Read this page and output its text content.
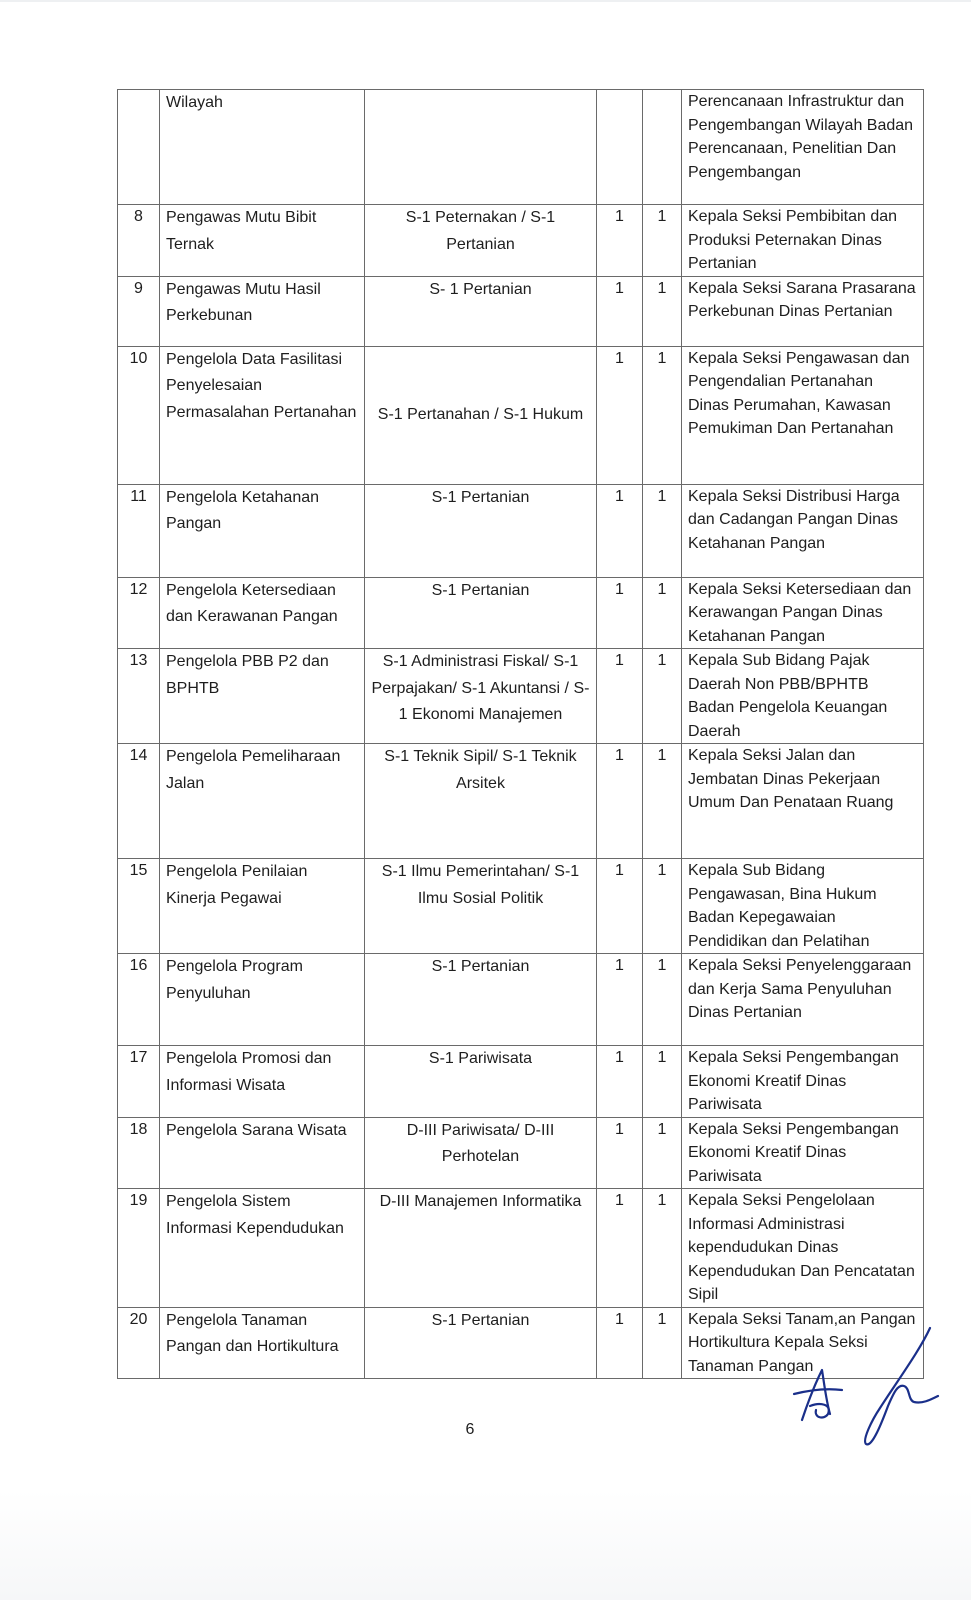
	Wilayah				Perencanaan Infrastruktur dan Pengembangan Wilayah Badan Perencanaan, Penelitian Dan Pengembangan
8	Pengawas Mutu Bibit Ternak	S-1 Peternakan / S-1 Pertanian	1	1	Kepala Seksi Pembibitan dan Produksi Peternakan Dinas Pertanian
9	Pengawas Mutu Hasil Perkebunan	S- 1 Pertanian	1	1	Kepala Seksi Sarana Prasarana Perkebunan Dinas Pertanian
10	Pengelola Data Fasilitasi Penyelesaian Permasalahan Pertanahan	S-1 Pertanahan / S-1 Hukum	1	1	Kepala Seksi Pengawasan dan Pengendalian Pertanahan Dinas Perumahan, Kawasan Pemukiman Dan Pertanahan
11	Pengelola Ketahanan Pangan	S-1 Pertanian	1	1	Kepala Seksi Distribusi Harga dan Cadangan Pangan Dinas Ketahanan Pangan
12	Pengelola Ketersediaan dan Kerawanan Pangan	S-1 Pertanian	1	1	Kepala Seksi Ketersediaan dan Kerawangan Pangan Dinas Ketahanan Pangan
13	Pengelola PBB P2 dan BPHTB	S-1 Administrasi Fiskal/ S-1 Perpajakan/ S-1 Akuntansi / S-1 Ekonomi Manajemen	1	1	Kepala Sub Bidang Pajak Daerah Non PBB/BPHTB Badan Pengelola Keuangan Daerah
14	Pengelola Pemeliharaan Jalan	S-1 Teknik Sipil/ S-1 Teknik Arsitek	1	1	Kepala Seksi Jalan dan Jembatan Dinas Pekerjaan Umum Dan Penataan Ruang
15	Pengelola Penilaian Kinerja Pegawai	S-1 Ilmu Pemerintahan/ S-1 Ilmu Sosial Politik	1	1	Kepala Sub Bidang Pengawasan, Bina Hukum Badan Kepegawaian Pendidikan dan Pelatihan
16	Pengelola Program Penyuluhan	S-1 Pertanian	1	1	Kepala Seksi Penyelenggaraan dan Kerja Sama Penyuluhan Dinas Pertanian
17	Pengelola Promosi dan Informasi Wisata	S-1 Pariwisata	1	1	Kepala Seksi Pengembangan Ekonomi Kreatif Dinas Pariwisata
18	Pengelola Sarana Wisata	D-III Pariwisata/ D-III Perhotelan	1	1	Kepala Seksi Pengembangan Ekonomi Kreatif Dinas Pariwisata
19	Pengelola Sistem Informasi Kependudukan	D-III Manajemen Informatika	1	1	Kepala Seksi Pengelolaan Informasi Administrasi kependudukan Dinas Kependudukan Dan Pencatatan Sipil
20	Pengelola Tanaman Pangan dan Hortikultura	S-1 Pertanian	1	1	Kepala Seksi Tanam,an Pangan Hortikultura Kepala Seksi Tanaman Pangan
6
